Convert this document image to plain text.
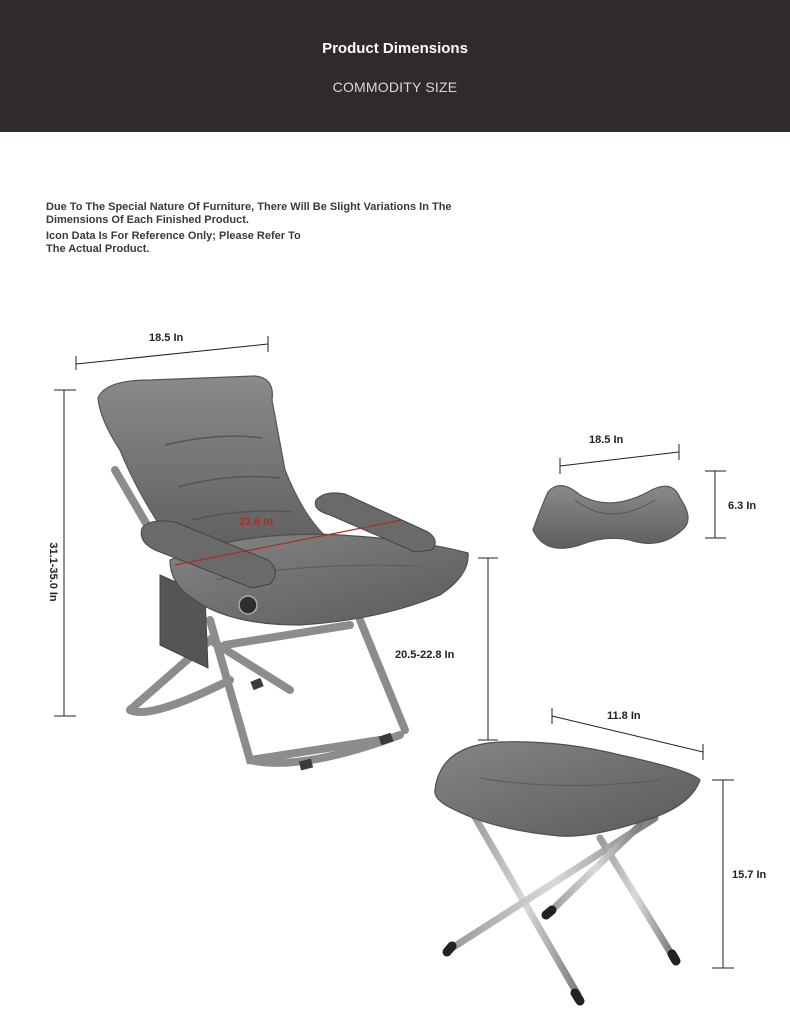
Product Dimensions
COMMODITY SIZE

Due To The Special Nature Of Furniture, There Will Be Slight Variations In The
Dimensions Of Each Finished Product.

Icon Data Is For Reference Only; Please Refer To
The Actual Product.

18.5 In
31.1-35.0 In
23.6 In
20.5-22.8 In
18.5 In
6.3 In
11.8 In
15.7 In
